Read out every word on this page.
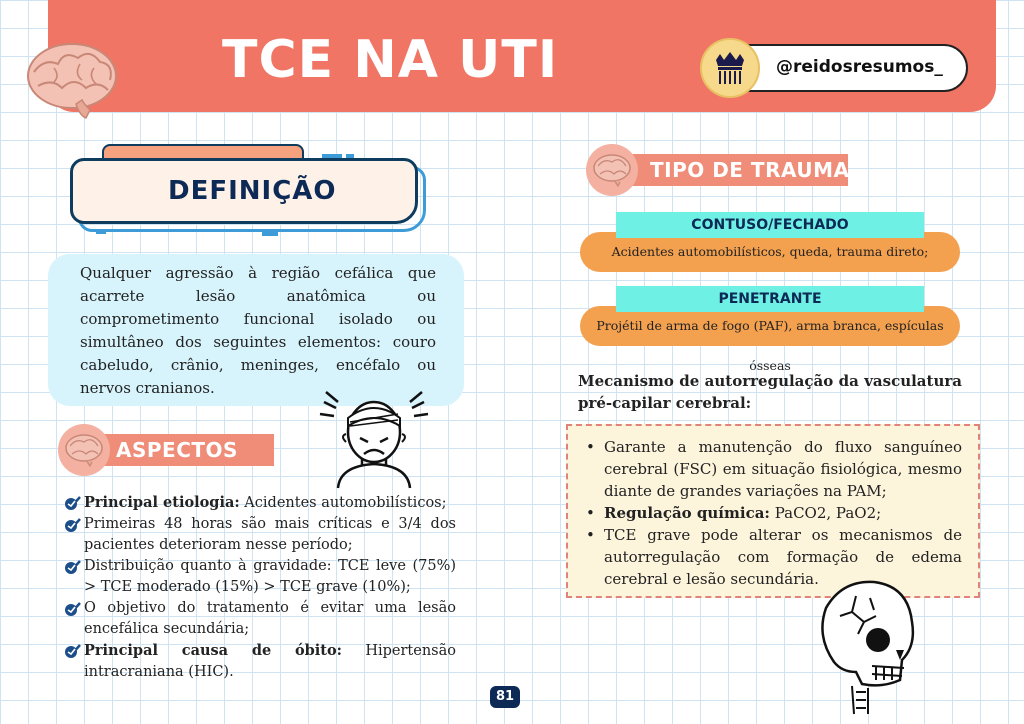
TCE NA UTI	@reidosresumos_
DEFINIÇÃO

Qualquer agressão à região cefálica que acarrete lesão anatômica ou comprometimento funcional isolado ou simultâneo dos seguintes elementos: couro cabeludo, crânio, meninges, encéfalo ou nervos cranianos.

ASPECTOS
Principal etiologia: Acidentes automobilísticos;
Primeiras 48 horas são mais críticas e 3/4 dos pacientes deterioram nesse período;
Distribuição quanto à gravidade: TCE leve (75%) > TCE moderado (15%) > TCE grave (10%);
O objetivo do tratamento é evitar uma lesão encefálica secundária;
Principal causa de óbito: Hipertensão intracraniana (HIC).
TIPO DE TRAUMA
Acidentes automobilísticos, queda, trauma direto;
CONTUSO/FECHADO
Projétil de arma de fogo (PAF), arma branca, espículas ósseas
PENETRANTE
Mecanismo de autorregulação da vasculatura pré-capilar cerebral:
• Garante a manutenção do fluxo sanguíneo cerebral (FSC) em situação fisiológica, mesmo diante de grandes variações na PAM;
• Regulação química: PaCO2, PaO2;
• TCE grave pode alterar os mecanismos de autorregulação com formação de edema cerebral e lesão secundária.
81
